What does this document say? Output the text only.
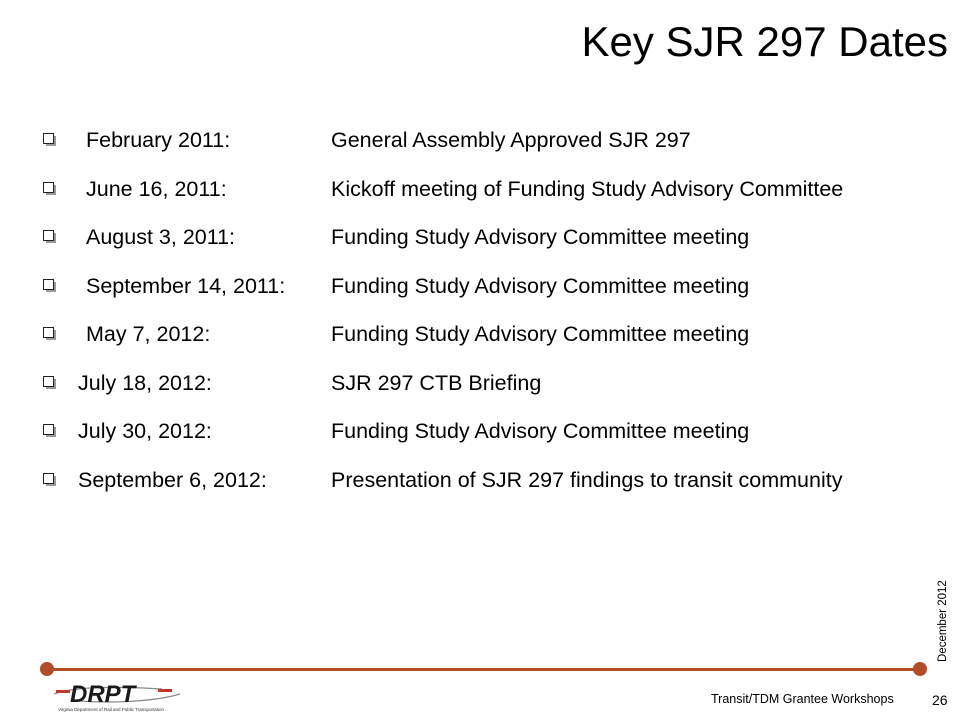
Key SJR 297 Dates
February 2011:	General Assembly Approved SJR 297
June 16, 2011:	Kickoff meeting of Funding Study Advisory Committee
August 3, 2011:	Funding Study Advisory Committee meeting
September 14, 2011: Funding Study Advisory Committee meeting
May 7, 2012:	Funding Study Advisory Committee meeting
July 18, 2012:	SJR 297 CTB Briefing
July 30, 2012:	Funding Study Advisory Committee meeting
September 6, 2012:	Presentation of SJR 297 findings to transit community
December 2012
DRPT
Virginia Department of Rail and Public Transportation
Transit/TDM Grantee Workshops	26
